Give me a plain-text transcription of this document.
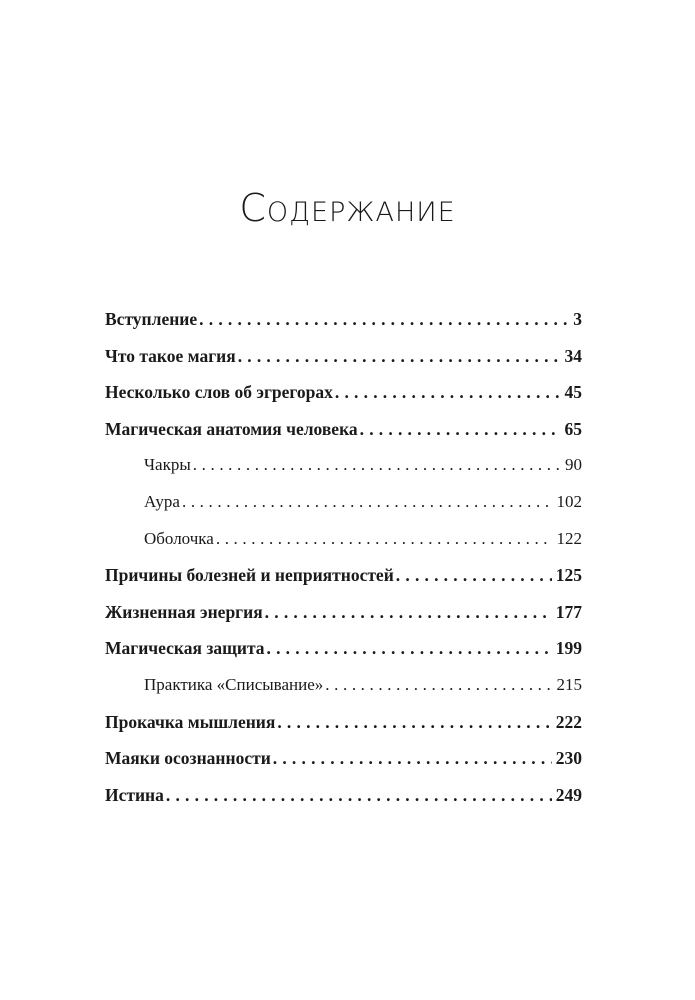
Содержание
Вступление .....	3
Что такое магия .....	34
Несколько слов об эгрегорах .....	45
Магическая анатомия человека .....	65
Чакры .....	90
Аура .....	102
Оболочка .....	122
Причины болезней и неприятностей .....	125
Жизненная энергия .....	177
Магическая защита .....	199
Практика «Списывание» .....	215
Прокачка мышления .....	222
Маяки осознанности .....	230
Истина .....	249
